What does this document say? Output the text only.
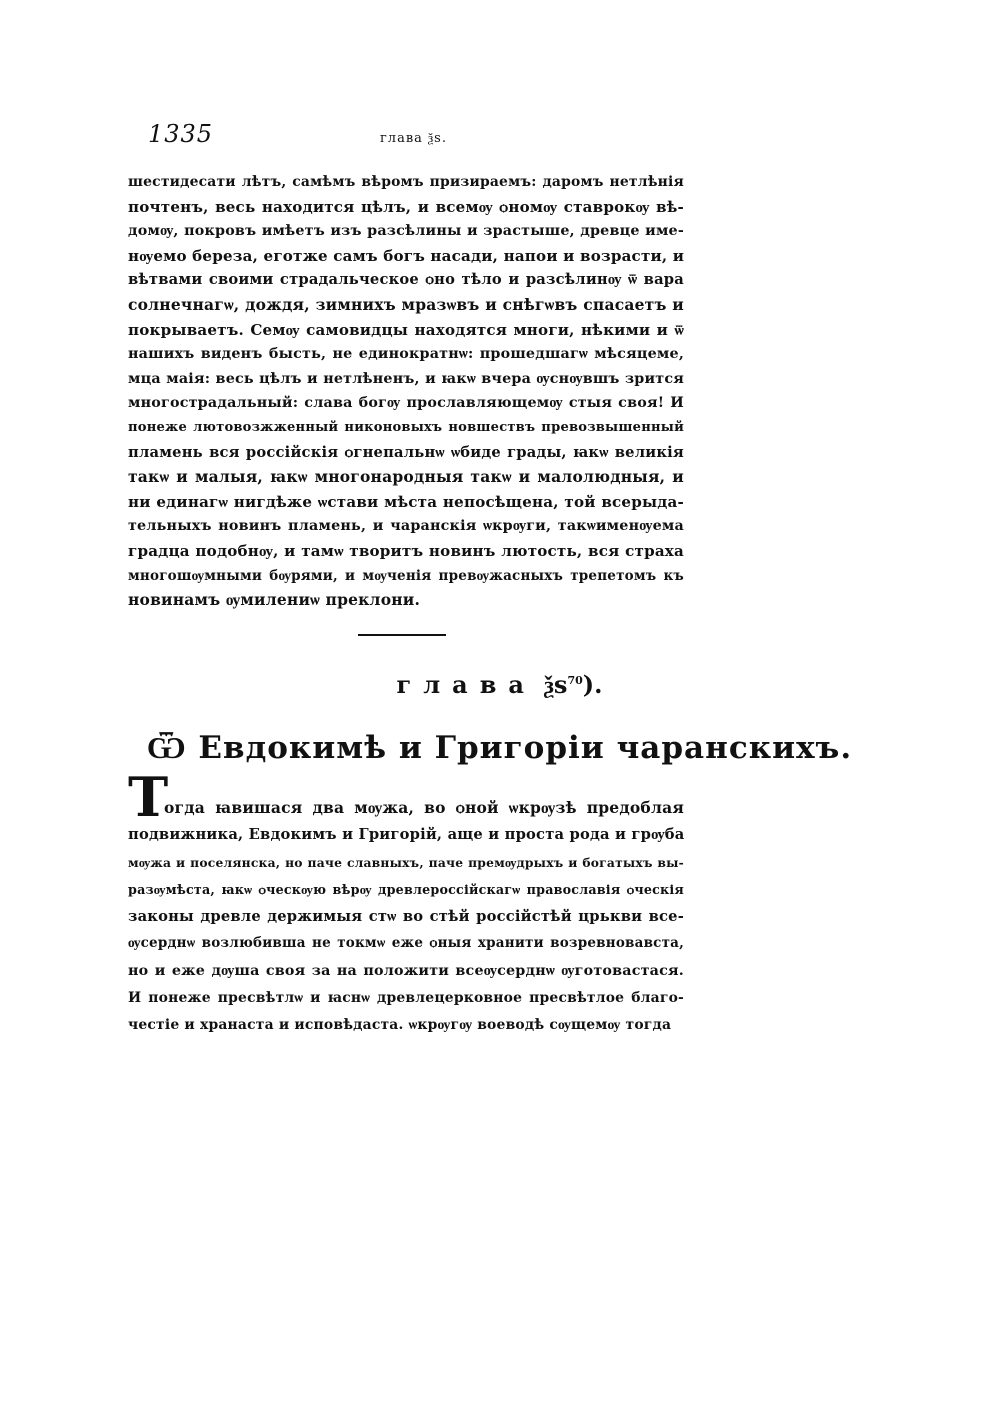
1335	глава ѯѕ.
шестидесати лѣтъ, самѣмъ вѣромъ призираемъ: даромъ нетлѣнія
почтенъ, весь находится цѣлъ, и всемѹ ѻномѹ ставрокѹ вѣ-
домѹ, покровъ имѣетъ изъ разсѣлины и зрастыше, древце име-
нѹемо береза, еготже самъ богъ насади, напои и возрасти, и
вѣтвами своими страдальческое ѻно тѣло и разсѣлинѹ ѿ вара
солнечнагѡ, дождя, зимнихъ мразѡвъ и снѣгѡвъ спасаетъ и
покрываетъ. Семѹ самовидцы находятся многи, нѣкими и ѿ
нашихъ виденъ бысть, не единократнѡ: прошедшагѡ мѣсяцеме,
мца маія: весь цѣлъ и нетлѣненъ, и ꙗкѡ вчера ѹснѹвшъ зрится
многострадальный: слава богѹ прославляющемѹ стыя своя! И
понеже лютовозжженный никоновыхъ новшествъ превозвышенный
пламень вся россійскія ѻгнепальнѡ ѡбиде грады, ꙗкѡ великія
такѡ и малыя, ꙗкѡ многонародныя такѡ и малолюдныя, и
ни единагѡ нигдѣже ѡстави мѣста непосѣщена, той всерыда-
тельныхъ новинъ пламень, и чаранскія ѡкрѹги, такѡименѹема
градца подобнѹ, и тамѡ творитъ новинъ лютость, вся страха
многошѹмными бѹрями, и мѹченія превѹжасныхъ трепетомъ къ
новинамъ ѹмилениѡ преклони.
глава $ѯѕ^{70}$).
Ѿ Евдокимѣ и Григоріи чаранскихъ.
Т
огда ꙗвишася два мѹжа, во ѻной ѡкрѹзѣ предоблая
подвижника, Евдокимъ и Григорій, аще и проста рода и грѹба
мѹжа и поселянска, но паче славныхъ, паче премѹдрыхъ и богатыхъ вы-
разѹмѣста, ꙗкѡ ѻческѹю вѣрѹ древлероссійскагѡ православія ѻческія
законы древле держимыя стѡ во стѣй россійстѣй црькви все-
ѹсерднѡ возлюбивша не токмѡ еже ѻныя хранити возревновавста,
но и еже дѹша своя за на положити всеѹсерднѡ ѹготовастася.
И понеже пресвѣтлѡ и ꙗснѡ древлецерковное пресвѣтлое благо-
честіе и хранаста и исповѣдаста. ѡкрѹгѹ воеводѣ сѹщемѹ тогда
